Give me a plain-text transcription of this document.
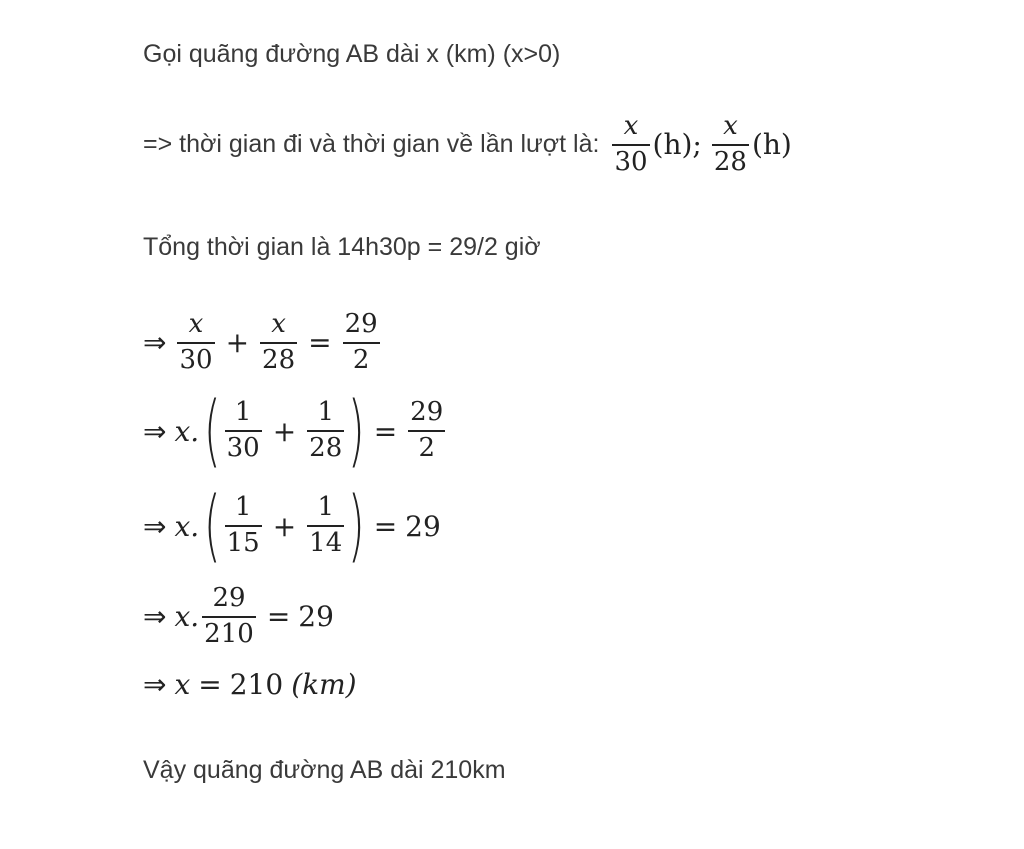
Gọi quãng đường AB dài x (km) (x>0)
=> thời gian đi và thời gian về lần lượt là: $\frac{x}{30} (h)$; $\frac{x}{28} (h)$
Tổng thời gian là 14h30p = 29/2 giờ
⇒ $\frac{x}{30} + \frac{x}{28} = \frac{29}{2}$
⇒ x. ( $\frac{1}{30} + \frac{1}{28}$ ) = $\frac{29}{2}$
⇒ x. ( $\frac{1}{15} + \frac{1}{14}$ ) = 29
⇒ x. $\frac{29}{210} = 29$
⇒ x = 210 (km)
Vậy quãng đường AB dài 210km
